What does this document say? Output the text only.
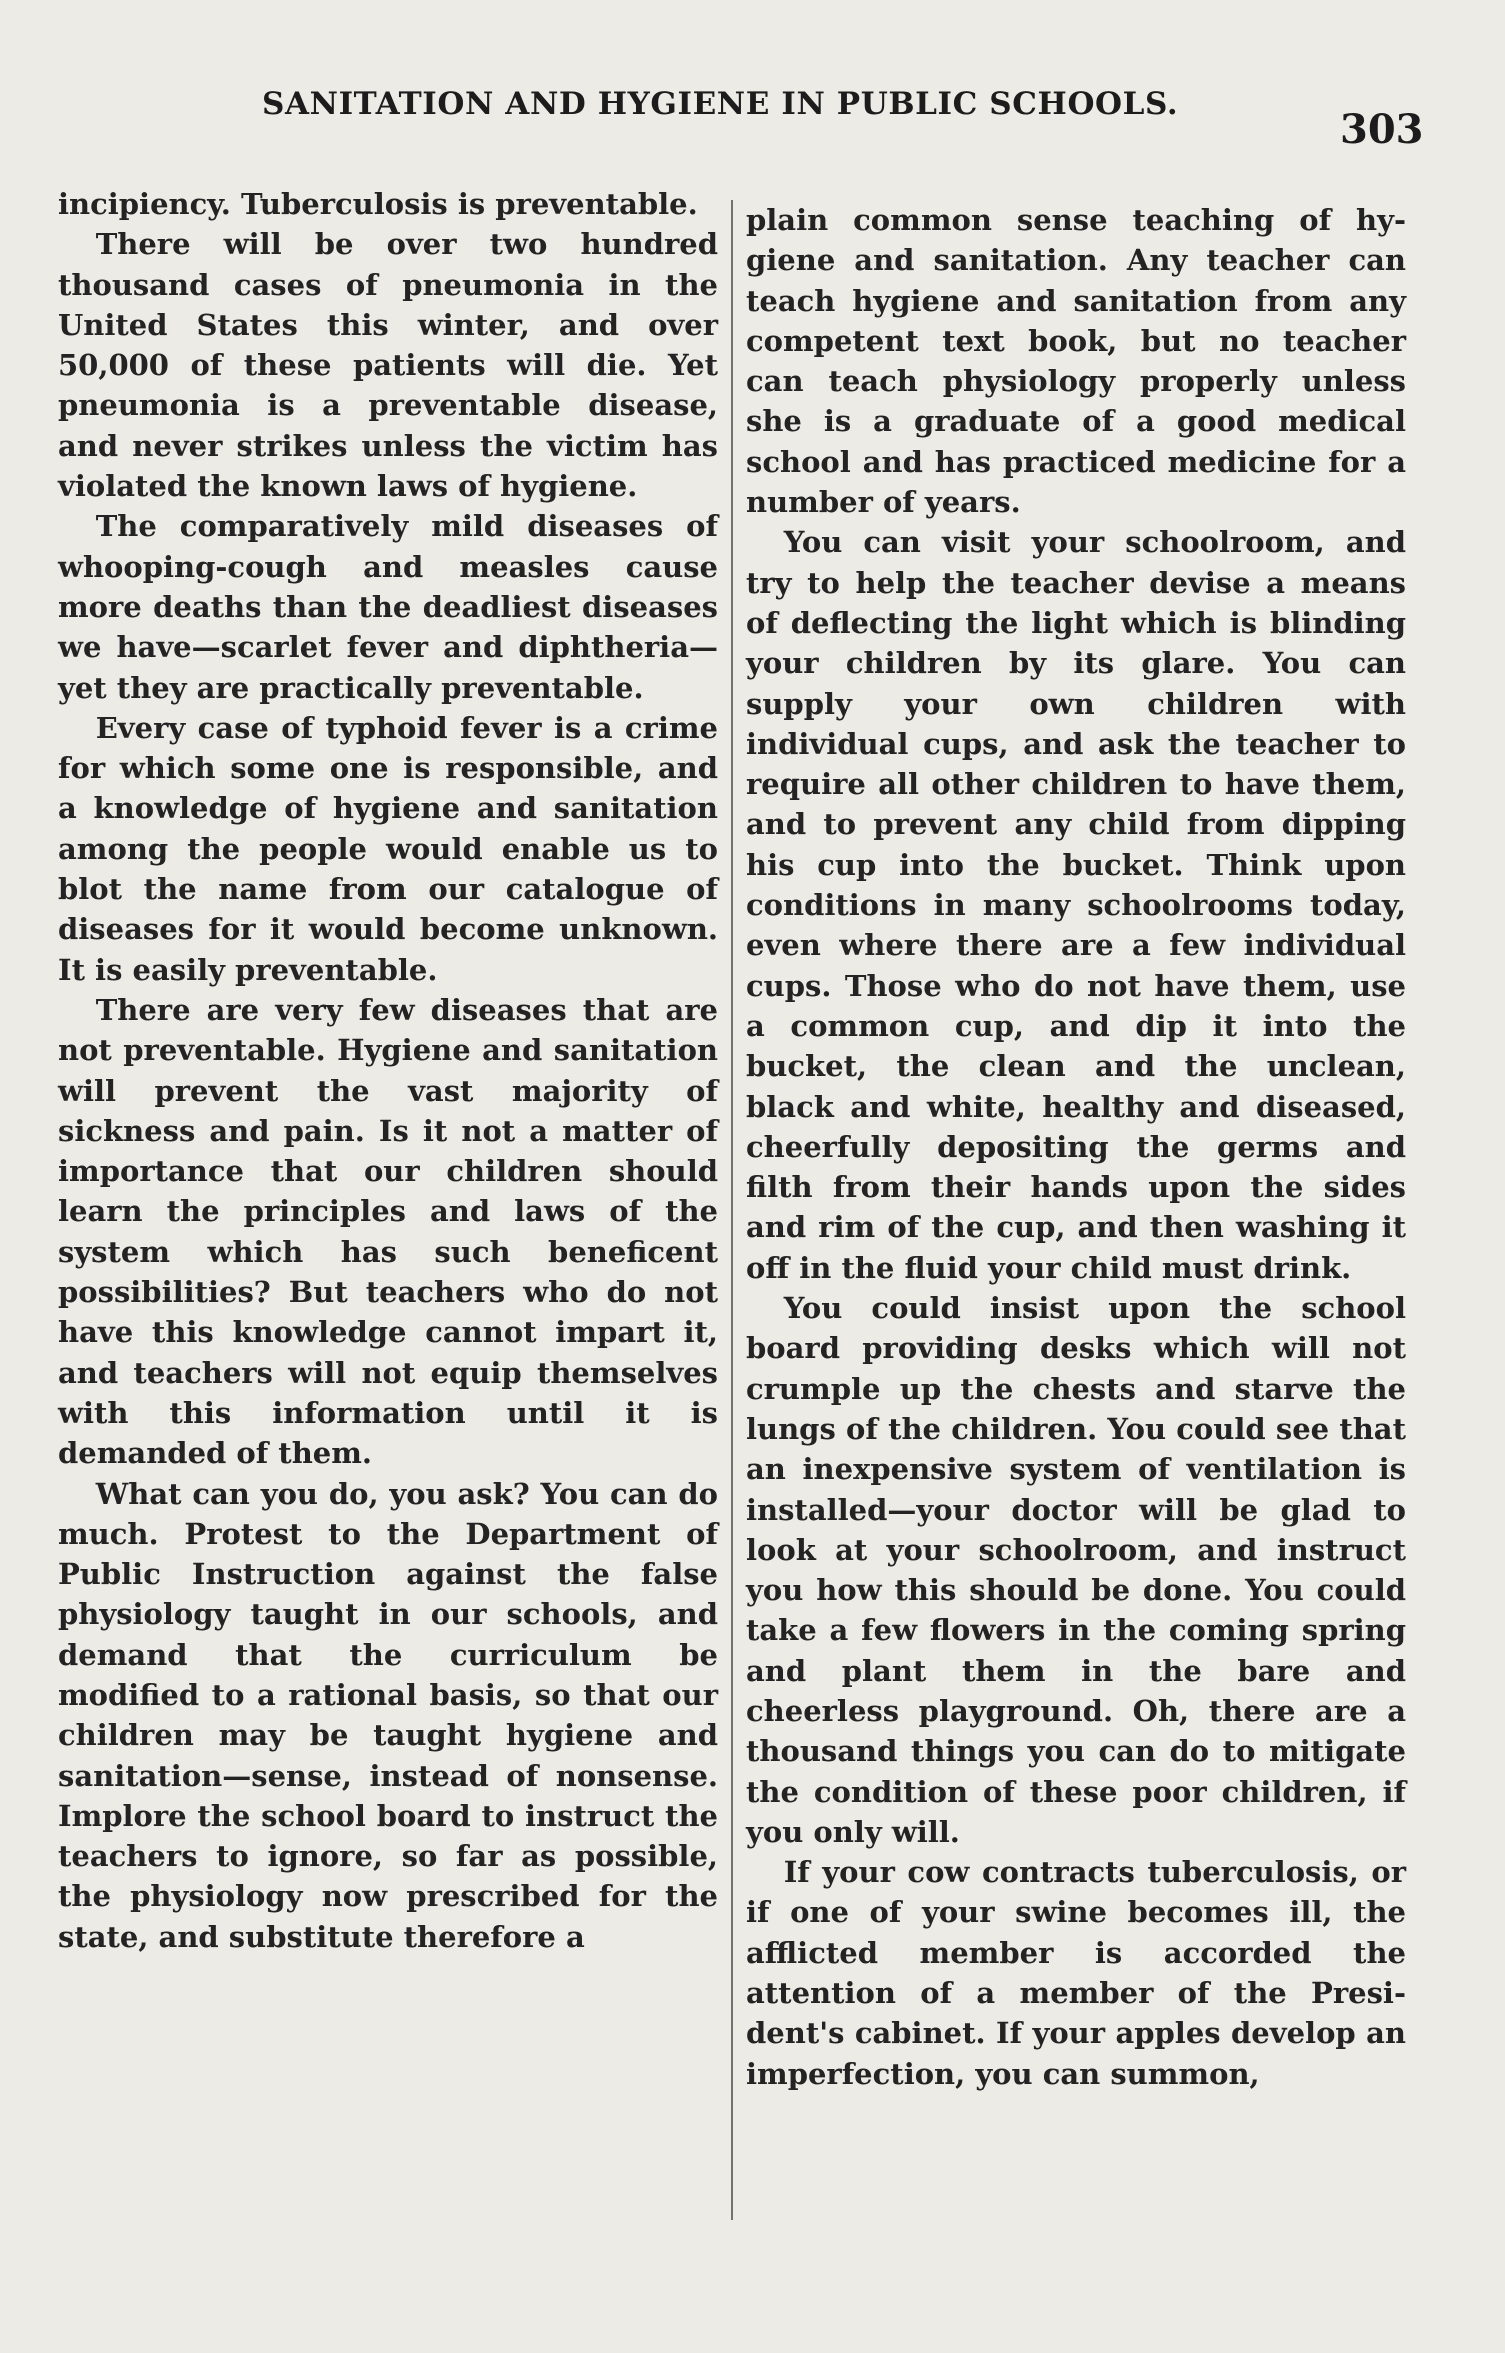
SANITATION AND HYGIENE IN PUBLIC SCHOOLS.
303

incipiency. Tuberculosis is preventable.

There will be over two hundred thousand cases of pneumonia in the United States this winter, and over 50,000 of these patients will die. Yet pneumonia is a preventable disease, and never strikes unless the victim has violated the known laws of hygiene.

The comparatively mild diseases of whooping-cough and measles cause more deaths than the deadliest diseases we have—scarlet fever and diphtheria—yet they are practically preventable.

Every case of typhoid fever is a crime for which some one is responsible, and a knowledge of hygiene and sanitation among the people would enable us to blot the name from our catalogue of diseases for it would become unknown. It is easily preventable.

There are very few diseases that are not preventable. Hygiene and sanitation will prevent the vast majority of sickness and pain. Is it not a matter of importance that our children should learn the principles and laws of the system which has such beneficent possibilities? But teachers who do not have this knowledge cannot impart it, and teachers will not equip themselves with this information until it is demanded of them.

What can you do, you ask? You can do much. Protest to the Department of Public Instruction against the false physiology taught in our schools, and demand that the curriculum be modified to a rational basis, so that our children may be taught hygiene and sanitation—sense, instead of nonsense. Implore the school board to instruct the teachers to ignore, so far as possible, the physiology now prescribed for the state, and substitute therefore a

plain common sense teaching of hygiene and sanitation. Any teacher can teach hygiene and sanitation from any competent text book, but no teacher can teach physiology properly unless she is a graduate of a good medical school and has practiced medicine for a number of years.

You can visit your schoolroom, and try to help the teacher devise a means of deflecting the light which is blinding your children by its glare. You can supply your own children with individual cups, and ask the teacher to require all other children to have them, and to prevent any child from dipping his cup into the bucket. Think upon conditions in many schoolrooms today, even where there are a few individual cups. Those who do not have them, use a common cup, and dip it into the bucket, the clean and the unclean, black and white, healthy and diseased, cheerfully depositing the germs and filth from their hands upon the sides and rim of the cup, and then washing it off in the fluid your child must drink.

You could insist upon the school board providing desks which will not crumple up the chests and starve the lungs of the children. You could see that an inexpensive system of ventilation is installed—your doctor will be glad to look at your schoolroom, and instruct you how this should be done. You could take a few flowers in the coming spring and plant them in the bare and cheerless playground. Oh, there are a thousand things you can do to mitigate the condition of these poor children, if you only will.

If your cow contracts tuberculosis, or if one of your swine becomes ill, the afflicted member is accorded the attention of a member of the President's cabinet. If your apples develop an imperfection, you can summon,
